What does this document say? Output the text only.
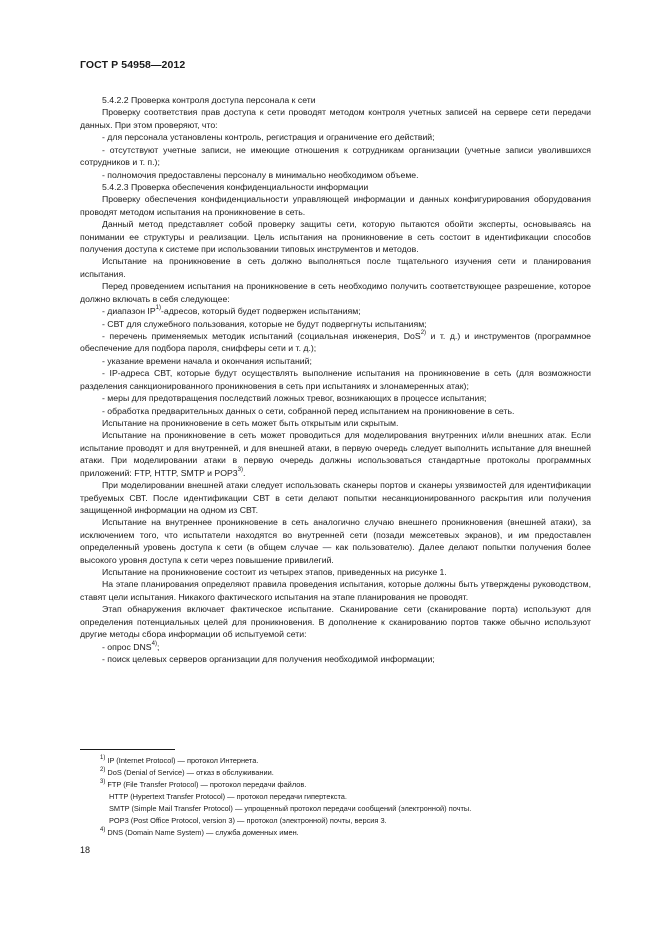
ГОСТ Р 54958—2012

5.4.2.2 Проверка контроля доступа персонала к сети

Проверку соответствия прав доступа к сети проводят методом контроля учетных записей на сервере сети передачи данных. При этом проверяют, что:

- для персонала установлены контроль, регистрация и ограничение его действий;

- отсутствуют учетные записи, не имеющие отношения к сотрудникам организации (учетные записи уволившихся сотрудников и т. п.);

- полномочия предоставлены персоналу в минимально необходимом объеме.

5.4.2.3 Проверка обеспечения конфиденциальности информации

Проверку обеспечения конфиденциальности управляющей информации и данных конфигурирования оборудования проводят методом испытания на проникновение в сеть.

Данный метод представляет собой проверку защиты сети, которую пытаются обойти эксперты, основываясь на понимании ее структуры и реализации. Цель испытания на проникновение в сеть состоит в идентификации способов получения доступа к системе при использовании типовых инструментов и методов.

Испытание на проникновение в сеть должно выполняться после тщательного изучения сети и планирования испытания.

Перед проведением испытания на проникновение в сеть необходимо получить соответствующее разрешение, которое должно включать в себя следующее:

- диапазон IP$^{1)}$-адресов, который будет подвержен испытаниям;

- СВТ для служебного пользования, которые не будут подвергнуты испытаниям;

- перечень применяемых методик испытаний (социальная инженерия, DoS$^{2)}$ и т. д.) и инструментов (программное обеспечение для подбора пароля, снифферы сети и т. д.);

- указание времени начала и окончания испытаний;

- IP-адреса СВТ, которые будут осуществлять выполнение испытания на проникновение в сеть (для возможности разделения санкционированного проникновения в сеть при испытаниях и злонамеренных атак);

- меры для предотвращения последствий ложных тревог, возникающих в процессе испытания;

- обработка предварительных данных о сети, собранной перед испытанием на проникновение в сеть.

Испытание на проникновение в сеть может быть открытым или скрытым.

Испытание на проникновение в сеть может проводиться для моделирования внутренних и/или внешних атак. Если испытание проводят и для внутренней, и для внешней атаки, в первую очередь следует выполнить испытание для внешней атаки. При моделировании атаки в первую очередь должны использоваться стандартные протоколы программных приложений: FTP, HTTP, SMTP и POP3$^{3)}$.

При моделировании внешней атаки следует использовать сканеры портов и сканеры уязвимостей для идентификации требуемых СВТ. После идентификации СВТ в сети делают попытки несанкционированного раскрытия или получения защищенной информации на одном из СВТ.

Испытание на внутреннее проникновение в сеть аналогично случаю внешнего проникновения (внешней атаки), за исключением того, что испытатели находятся во внутренней сети (позади межсетевых экранов), и им предоставлен определенный уровень доступа к сети (в общем случае — как пользователю). Далее делают попытки получения более высокого уровня доступа к сети через повышение привилегий.

Испытание на проникновение состоит из четырех этапов, приведенных на рисунке 1.

На этапе планирования определяют правила проведения испытания, которые должны быть утверждены руководством, ставят цели испытания. Никакого фактического испытания на этапе планирования не проводят.

Этап обнаружения включает фактическое испытание. Сканирование сети (сканирование порта) используют для определения потенциальных целей для проникновения. В дополнение к сканированию портов также обычно используют другие методы сбора информации об испытуемой сети:

- опрос DNS$^{4)}$;

- поиск целевых серверов организации для получения необходимой информации;

$^{1)}$ IP (Internet Protocol) — протокол Интернета.

$^{2)}$ DoS (Denial of Service) — отказ в обслуживании.

$^{3)}$ FTP (File Transfer Protocol) — протокол передачи файлов.

HTTP (Hypertext Transfer Protocol) — протокол передачи гипертекста.

SMTP (Simple Mail Transfer Protocol) — упрощенный протокол передачи сообщений (электронной) почты.

POP3 (Post Office Protocol, version 3) — протокол (электронной) почты, версия 3.

$^{4)}$ DNS (Domain Name System) — служба доменных имен.

18
